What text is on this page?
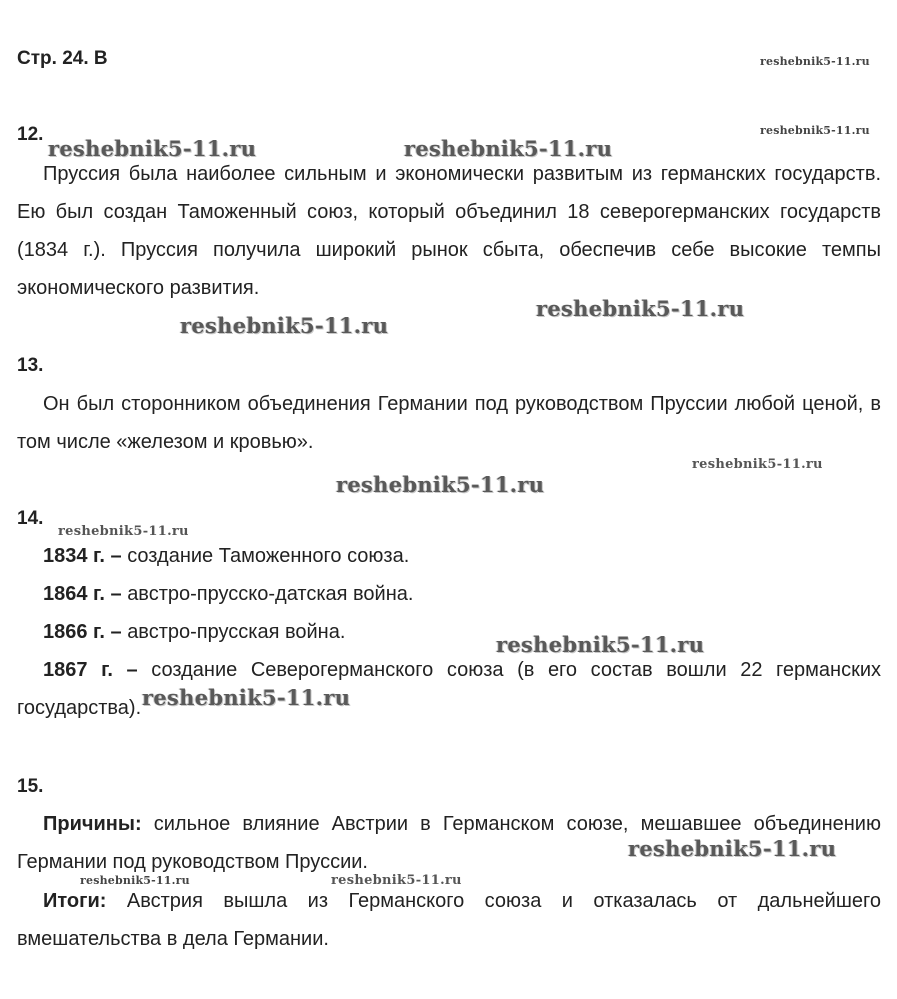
Стр. 24. В
12.
Пруссия была наиболее сильным и экономически развитым из германских государств. Ею был создан Таможенный союз, который объединил 18 северогерманских государств (1834 г.). Пруссия получила широкий рынок сбыта, обеспечив себе высокие темпы экономического развития.
13.
Он был сторонником объединения Германии под руководством Пруссии любой ценой, в том числе «железом и кровью».
14.
1834 г. – создание Таможенного союза.
1864 г. – австро-прусско-датская война.
1866 г. – австро-прусская война.
1867 г. – создание Северогерманского союза (в его состав вошли 22 германских государства).
15.
Причины: сильное влияние Австрии в Германском союзе, мешавшее объединению Германии под руководством Пруссии.
Итоги: Австрия вышла из Германского союза и отказалась от дальнейшего вмешательства в дела Германии.
reshebnik5-11.ru
reshebnik5-11.ru
reshebnik5-11.ru	reshebnik5-11.ru
reshebnik5-11.ru
reshebnik5-11.ru
reshebnik5-11.ru
reshebnik5-11.ru
reshebnik5-11.ru
reshebnik5-11.ru
reshebnik5-11.ru
reshebnik5-11.ru
reshebnik5-11.ru	reshebnik5-11.ru
